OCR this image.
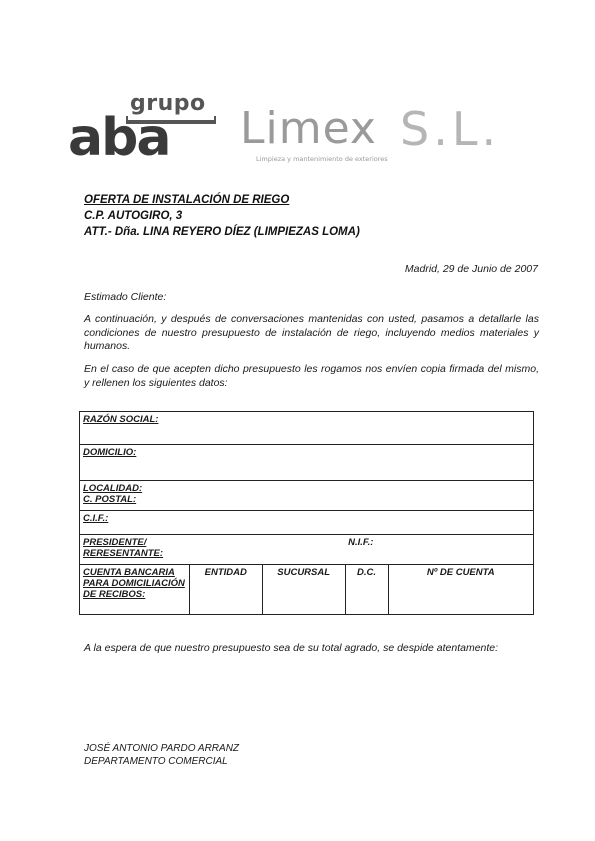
grupo
aba Limex S.L.
Limpieza y mantenimiento de exteriores
OFERTA DE INSTALACIÓN DE RIEGO
C.P. AUTOGIRO, 3
ATT.- Dña. LINA REYERO DÍEZ (LIMPIEZAS LOMA)
Madrid, 29 de Junio de 2007
Estimado Cliente:
A continuación, y después de conversaciones mantenidas con usted, pasamos a detallarle las condiciones de nuestro presupuesto de instalación de riego, incluyendo medios materiales y humanos.
En el caso de que acepten dicho presupuesto les rogamos nos envíen copia firmada del mismo, y rellenen los siguientes datos:
RAZÓN SOCIAL:				
DOMICILIO:				

LOCALIDAD:
C. POSTAL:				

C.I.F.:				

PRESIDENTE/ RERESENTANTE:			N.I.F.:	

CUENTA BANCARIA PARA DOMICILIACIÓN DE RECIBOS:	ENTIDAD	SUCURSAL	D.C.	Nº DE CUENTA
A la espera de que nuestro presupuesto sea de su total agrado, se despide atentamente:
JOSÉ ANTONIO PARDO ARRANZ
DEPARTAMENTO COMERCIAL
